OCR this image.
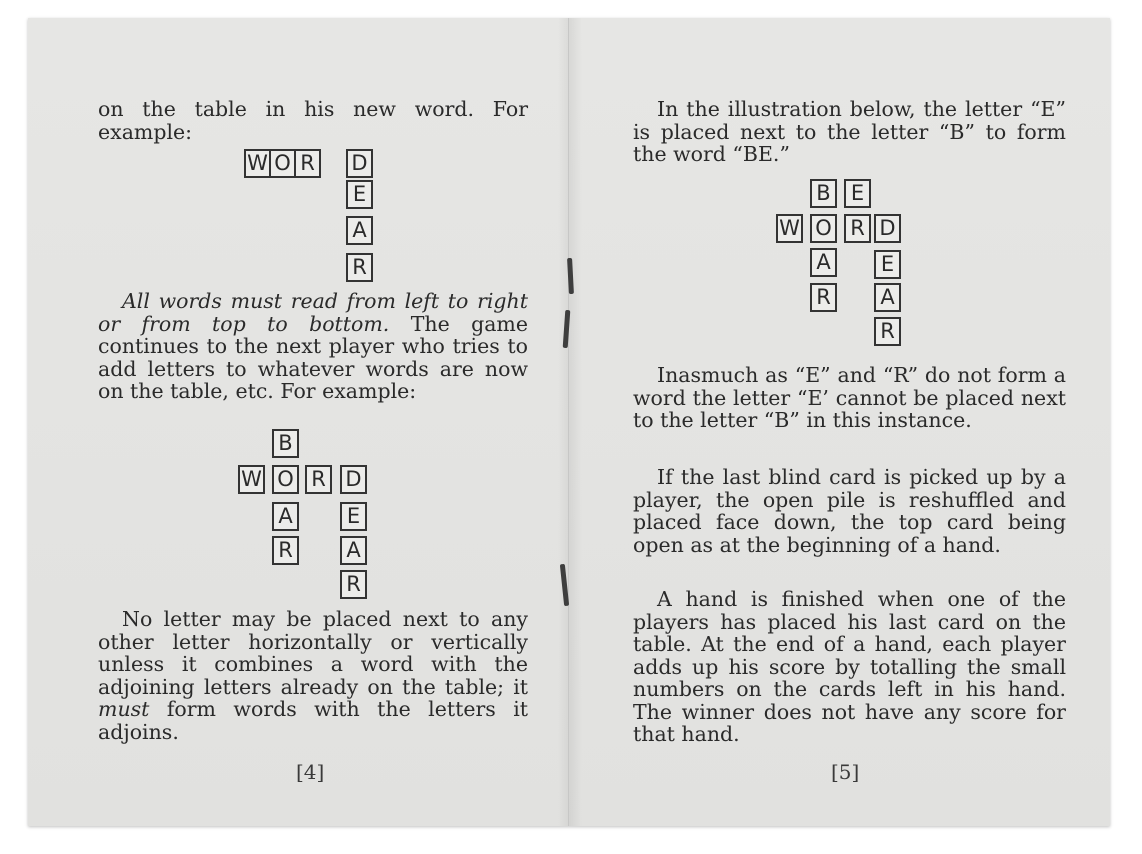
on the table in his new word. For example:

W O R D
E
A
R

All words must read from left to right or from top to bottom. The game continues to the next player who tries to add letters to whatever words are now on the table, etc. For example:

B
W O R D
A	E
R	A
R

No letter may be placed next to any other letter horizontally or vertically unless it combines a word with the adjoining letters already on the table; it must form words with the letters it adjoins.

[4]

In the illustration below, the letter “E” is placed next to the letter “B” to form the word “BE.”

B E
W O R D
A	E
R	A
R

Inasmuch as “E” and “R” do not form a word the letter “E’ cannot be placed next to the letter “B” in this instance.

If the last blind card is picked up by a player, the open pile is reshuffled and placed face down, the top card being open as at the beginning of a hand.

A hand is finished when one of the players has placed his last card on the table. At the end of a hand, each player adds up his score by totalling the small numbers on the cards left in his hand. The winner does not have any score for that hand.

[5]
